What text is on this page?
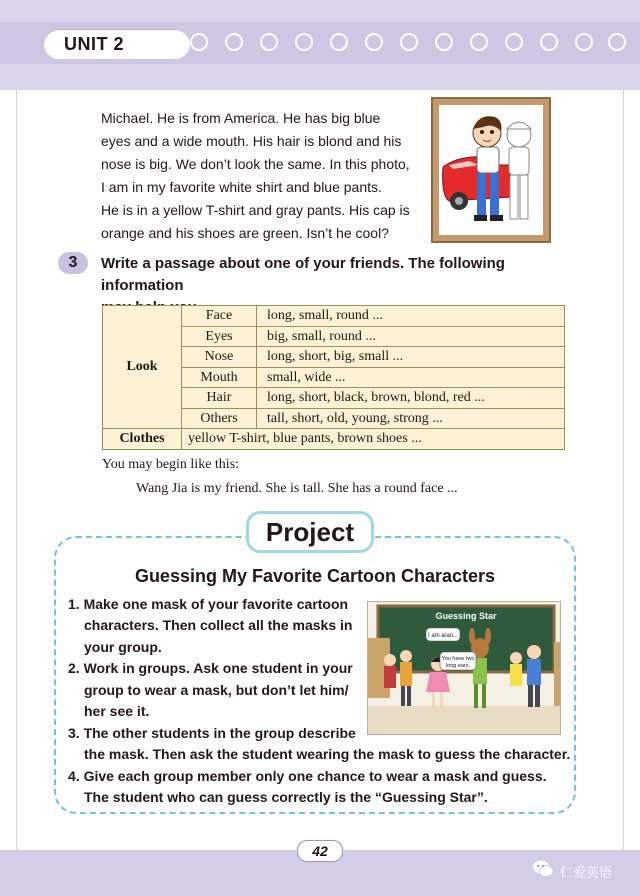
UNIT 2

Michael. He is from America. He has big blue

eyes and a wide mouth. His hair is blond and his

nose is big. We don’t look the same. In this photo,

I am in my favorite white shirt and blue pants.

He is in a yellow T-shirt and gray pants. His cap is

orange and his shoes are green. Isn’t he cool?

3	Write a passage about one of your friends. The following information
Look	Face	long, small, round ...
	Eyes	big, small, round ...
	Nose	long, short, big, small ...
	Mouth	small, wide ...
	Hair	long, short, black, brown, blond, red ...
	Others	tall, short, old, young, strong ...
Clothes	yellow T-shirt, blue pants, brown shoes ...	
You may begin like this:
Wang Jia is my friend. She is tall. She has a round face ...
Project
Guessing My Favorite Cartoon Characters
1. Make one mask of your favorite cartoon
characters. Then collect all the masks in
your group.
2. Work in groups. Ask one student in your
group to wear a mask, but don’t let him/
her see it.
3. The other students in the group describe
the mask. Then ask the student wearing the mask to guess the character.
4. Give each group member only one chance to wear a mask and guess.
The student who can guess correctly is the “Guessing Star”.
Guessing Star
I am a/an...
You have two
long ears.
42
仁爱英语
